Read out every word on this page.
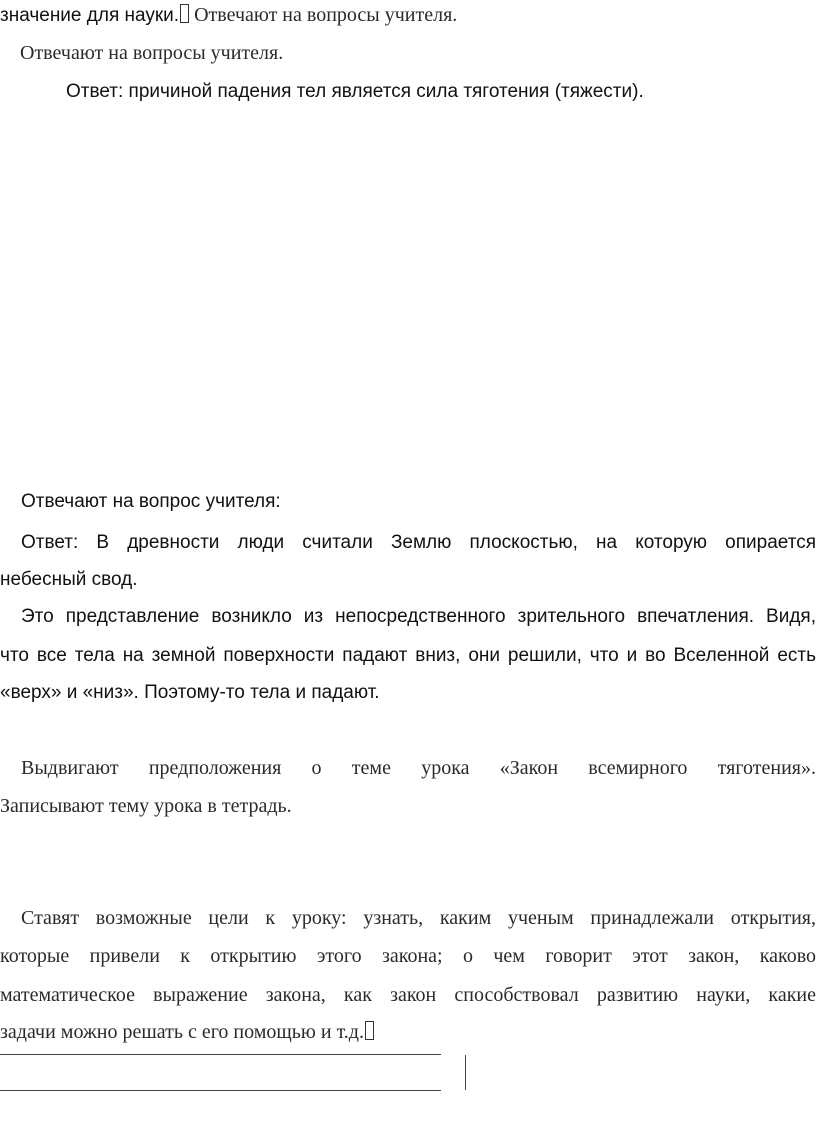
значение для науки. Отвечают на вопросы учителя.

Отвечают на вопросы учителя.

Ответ: причиной падения тел является сила тяготения (тяжести).

Отвечают на вопрос учителя:

Ответ: В древности люди считали Землю плоскостью, на которую опирается

небесный свод.

Это представление возникло из непосредственного зрительного впечатления. Видя,

что все тела на земной поверхности падают вниз, они решили, что и во Вселенной есть

«верх» и «низ». Поэтому-то тела и падают.

Выдвигают предположения о теме урока «Закон всемирного тяготения».

Записывают тему урока в тетрадь.

Ставят возможные цели к уроку: узнать, каким ученым принадлежали открытия,

которые привели к открытию этого закона; о чем говорит этот закон, каково

математическое выражение закона, как закон способствовал развитию науки, какие

задачи можно решать с его помощью и т.д.
